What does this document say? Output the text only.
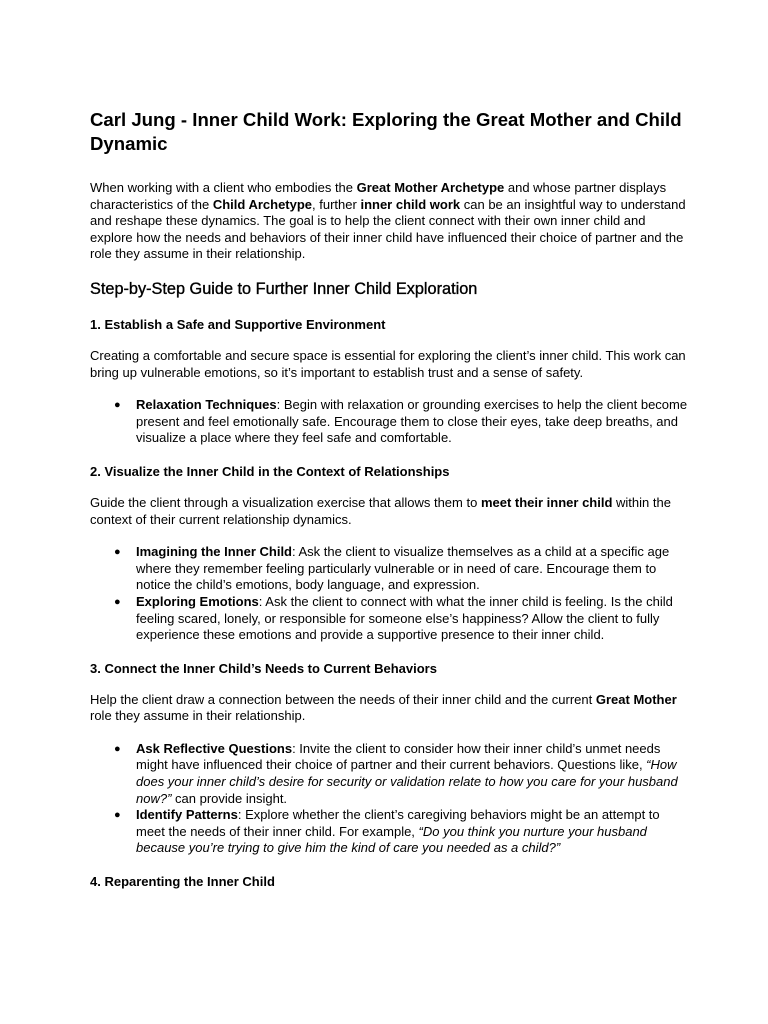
Carl Jung - Inner Child Work: Exploring the Great Mother and Child Dynamic

When working with a client who embodies the Great Mother Archetype and whose partner displays characteristics of the Child Archetype, further inner child work can be an insightful way to understand and reshape these dynamics. The goal is to help the client connect with their own inner child and explore how the needs and behaviors of their inner child have influenced their choice of partner and the role they assume in their relationship.

Step-by-Step Guide to Further Inner Child Exploration
1. Establish a Safe and Supportive Environment

Creating a comfortable and secure space is essential for exploring the client’s inner child. This work can bring up vulnerable emotions, so it’s important to establish trust and a sense of safety.

● Relaxation Techniques: Begin with relaxation or grounding exercises to help the client become present and feel emotionally safe. Encourage them to close their eyes, take deep breaths, and visualize a place where they feel safe and comfortable.
2. Visualize the Inner Child in the Context of Relationships

Guide the client through a visualization exercise that allows them to meet their inner child within the context of their current relationship dynamics.

● Imagining the Inner Child: Ask the client to visualize themselves as a child at a specific age where they remember feeling particularly vulnerable or in need of care. Encourage them to notice the child’s emotions, body language, and expression.
● Exploring Emotions: Ask the client to connect with what the inner child is feeling. Is the child feeling scared, lonely, or responsible for someone else’s happiness? Allow the client to fully experience these emotions and provide a supportive presence to their inner child.
3. Connect the Inner Child’s Needs to Current Behaviors

Help the client draw a connection between the needs of their inner child and the current Great Mother role they assume in their relationship.

● Ask Reflective Questions: Invite the client to consider how their inner child’s unmet needs might have influenced their choice of partner and their current behaviors. Questions like, “How does your inner child’s desire for security or validation relate to how you care for your husband now?” can provide insight.
● Identify Patterns: Explore whether the client’s caregiving behaviors might be an attempt to meet the needs of their inner child. For example, “Do you think you nurture your husband because you’re trying to give him the kind of care you needed as a child?”
4. Reparenting the Inner Child
